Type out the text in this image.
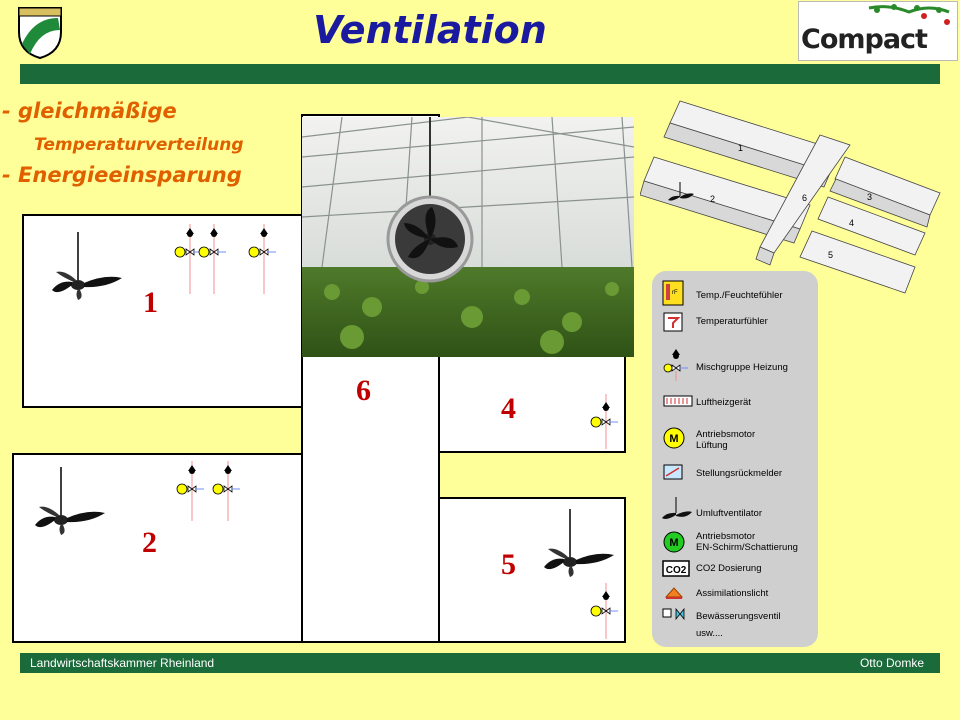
Ventilation	Compact
- gleichmäßige
Temperaturverteilung
- Energieeinsparung
1
2
6
4
5
1
2	6	3
4
5
rF Temp./Feuchtefühler
Temperaturfühler
Mischgruppe Heizung
Luftheizgerät
M Antriebsmotor
Lüftung
Stellungsrückmelder
Umluftventilator
M
Antriebsmotor
EN-Schirm/Schattierung
CO2 CO2 Dosierung
Assimilationslicht
Bewässerungsventil
usw....
Landwirtschaftskammer Rheinland	Otto Domke
